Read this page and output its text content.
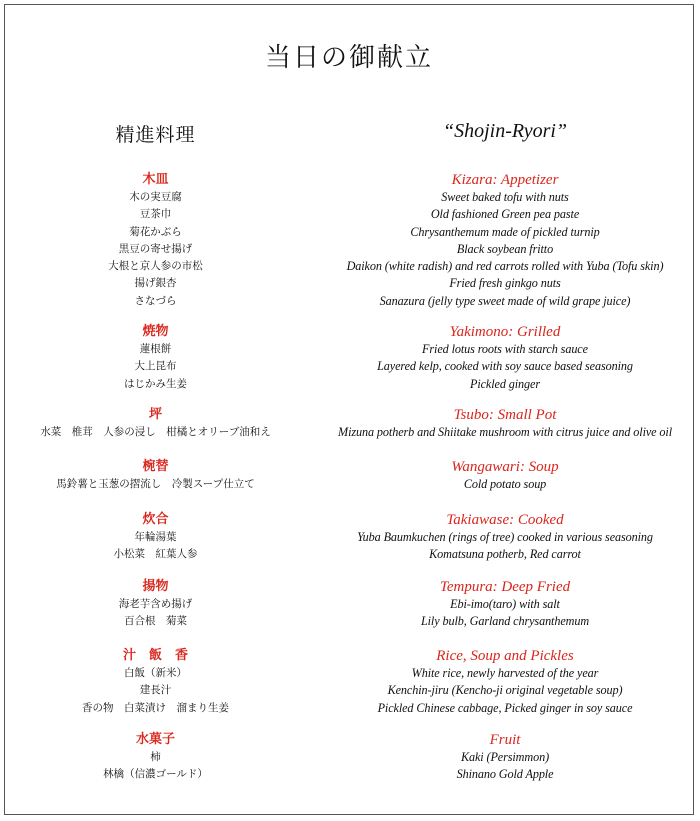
当日の御献立
精進料理
木皿
木の実豆腐
豆茶巾
菊花かぶら
黒豆の寄せ揚げ
大根と京人参の市松
揚げ銀杏
さなづら
焼物
蓮根餅
大上昆布
はじかみ生姜
坪
水菜　椎茸　人参の浸し　柑橘とオリーブ油和え
椀替
馬鈴薯と玉葱の摺流し　冷製スープ仕立て
炊合
年輪湯葉
小松菜　紅葉人参
揚物
海老芋含め揚げ
百合根　菊菜
汁　飯　香
白飯（新米）
建長汁
香の物　白菜漬け　溜まり生姜
水菓子
柿
林檎（信濃ゴールド）
“Shojin-Ryori”
Kizara: Appetizer
Sweet baked tofu with nuts
Old fashioned Green pea paste
Chrysanthemum made of pickled turnip
Black soybean fritto
Daikon (white radish) and red carrots rolled with Yuba (Tofu skin)
Fried fresh ginkgo nuts
Sanazura (jelly type sweet made of wild grape juice)
Yakimono: Grilled
Fried lotus roots with starch sauce
Layered kelp, cooked with soy sauce based seasoning
Pickled ginger
Tsubo: Small Pot
Mizuna potherb and Shiitake mushroom with citrus juice and olive oil
Wangawari: Soup
Cold potato soup
Takiawase: Cooked
Yuba Baumkuchen (rings of tree) cooked in various seasoning
Komatsuna potherb, Red carrot
Tempura: Deep Fried
Ebi-imo(taro) with salt
Lily bulb, Garland chrysanthemum
Rice, Soup and Pickles
White rice, newly harvested of the year
Kenchin-jiru (Kencho-ji original vegetable soup)
Pickled Chinese cabbage, Picked ginger in soy sauce
Fruit
Kaki (Persimmon)
Shinano Gold Apple
